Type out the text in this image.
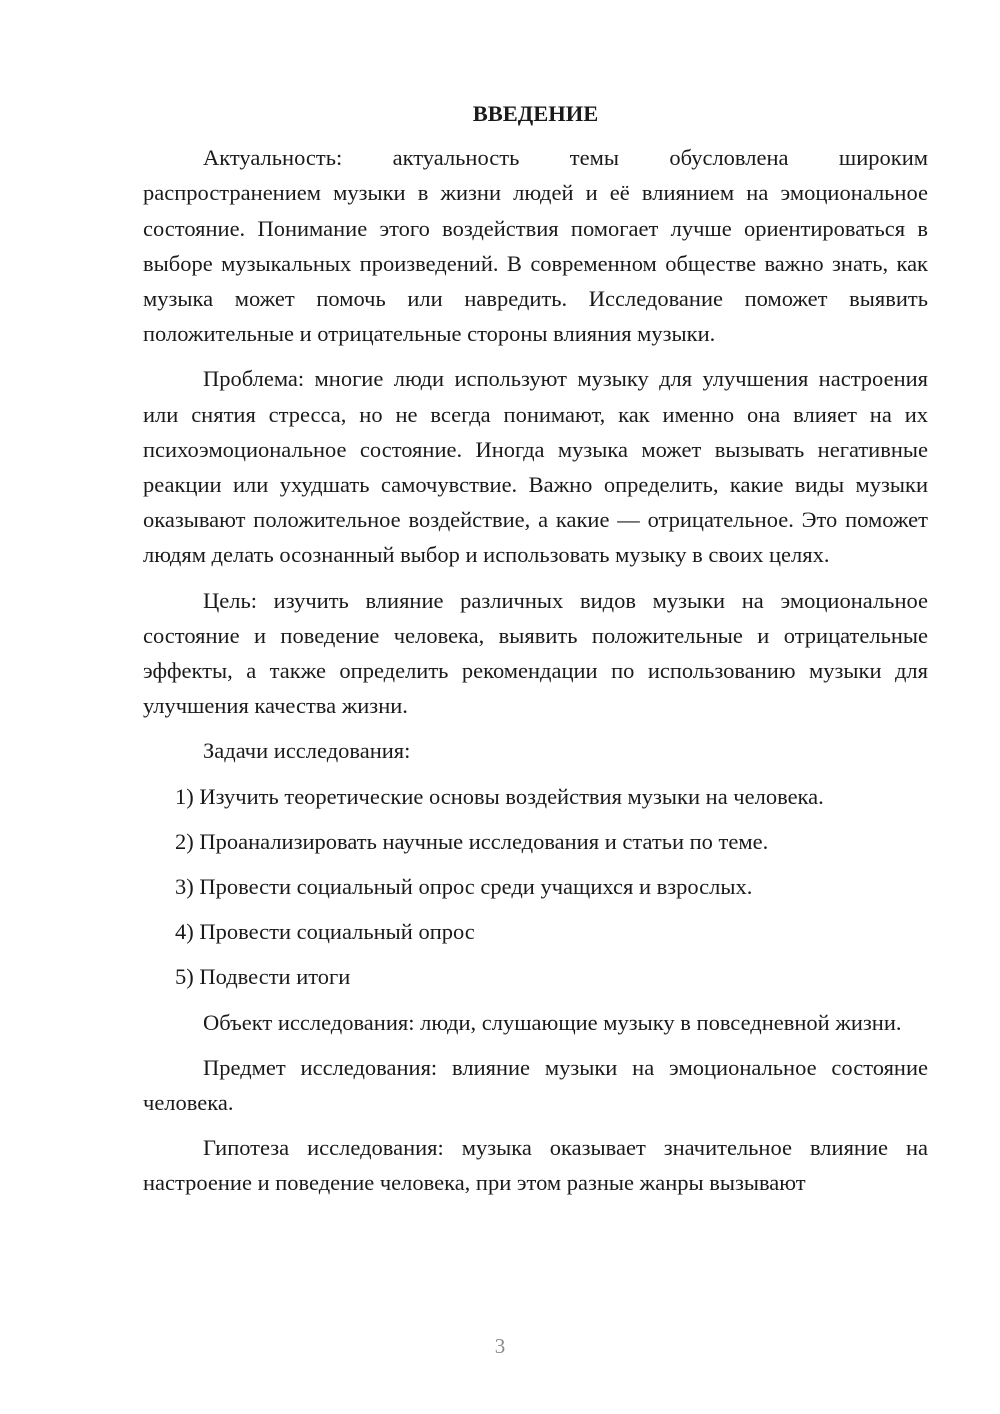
ВВЕДЕНИЕ

Актуальность: актуальность темы обусловлена широким распространением музыки в жизни людей и её влиянием на эмоциональное состояние. Понимание этого воздействия помогает лучше ориентироваться в выборе музыкальных произведений. В современном обществе важно знать, как музыка может помочь или навредить. Исследование поможет выявить положительные и отрицательные стороны влияния музыки.

Проблема: многие люди используют музыку для улучшения настроения или снятия стресса, но не всегда понимают, как именно она влияет на их психоэмоциональное состояние. Иногда музыка может вызывать негативные реакции или ухудшать самочувствие. Важно определить, какие виды музыки оказывают положительное воздействие, а какие — отрицательное. Это поможет людям делать осознанный выбор и использовать музыку в своих целях.

Цель: изучить влияние различных видов музыки на эмоциональное состояние и поведение человека, выявить положительные и отрицательные эффекты, а также определить рекомендации по использованию музыки для улучшения качества жизни.

Задачи исследования:

1) Изучить теоретические основы воздействия музыки на человека.

2) Проанализировать научные исследования и статьи по теме.

3) Провести социальный опрос среди учащихся и взрослых.

4) Провести социальный опрос

5) Подвести итоги

Объект исследования: люди, слушающие музыку в повседневной жизни.

Предмет исследования: влияние музыки на эмоциональное состояние человека.

Гипотеза исследования: музыка оказывает значительное влияние на настроение и поведение человека, при этом разные жанры вызывают

3
